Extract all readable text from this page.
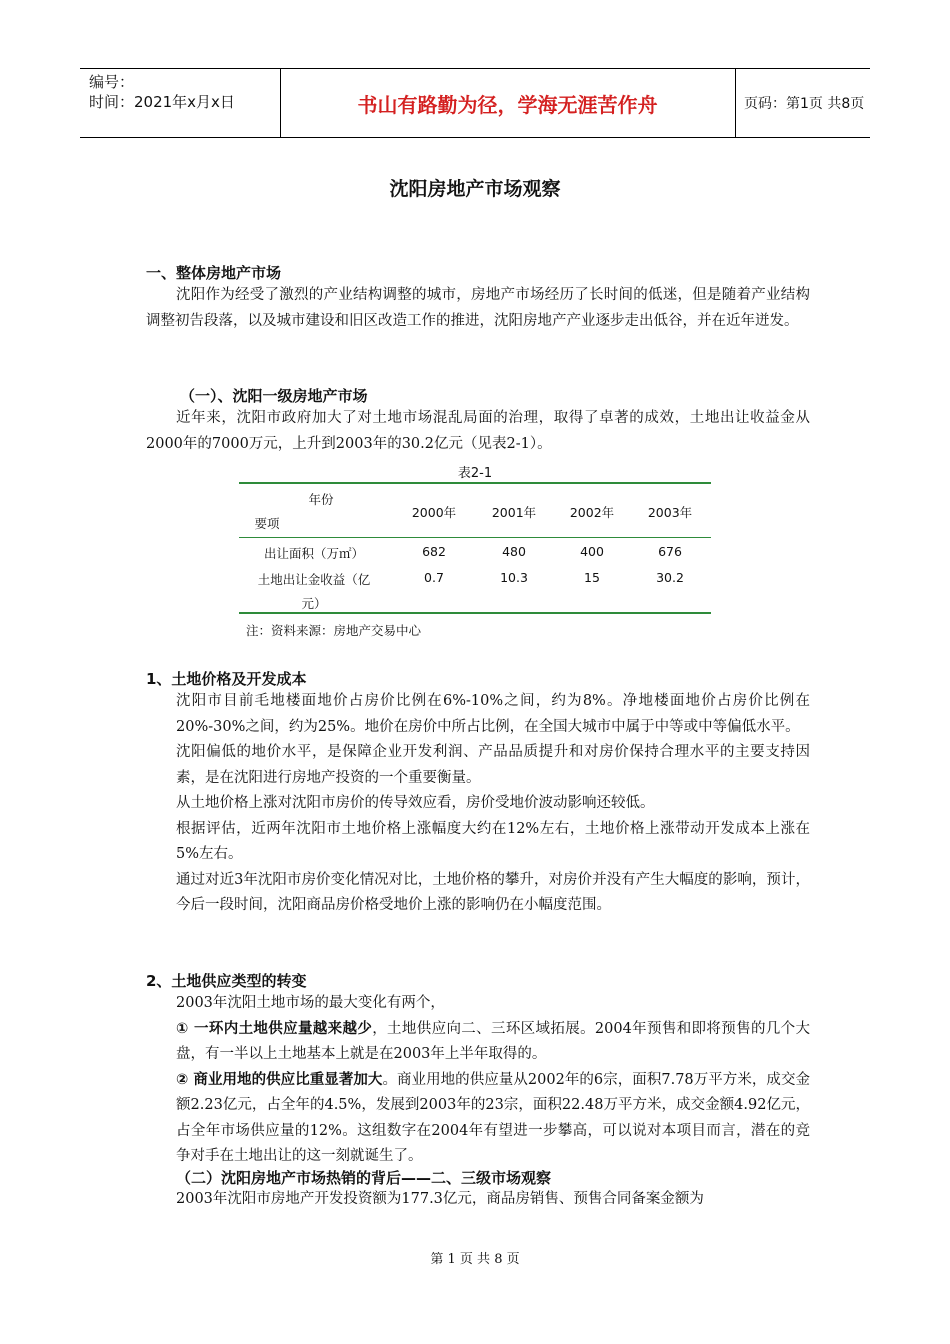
编号：
时间：2021年x月x日	书山有路勤为径，学海无涯苦作舟	页码：第1页 共8页
沈阳房地产市场观察
一、整体房地产市场
沈阳作为经受了激烈的产业结构调整的城市，房地产市场经历了长时间的低迷，但是随着产业结构调整初告段落，以及城市建设和旧区改造工作的推进，沈阳房地产产业逐步走出低谷，并在近年迸发。
（一）、沈阳一级房地产市场
近年来，沈阳市政府加大了对土地市场混乱局面的治理，取得了卓著的成效，土地出让收益金从2000年的7000万元，上升到2003年的30.2亿元（见表2-1）。
表2-1
年份
要项
2000年	2001年	2002年	2003年
出让面积（万㎡）	682	480	400	676
土地出让金收益（亿
元）
0.7	10.3	15	30.2
注：资料来源：房地产交易中心
1、土地价格及开发成本
沈阳市目前毛地楼面地价占房价比例在6%-10%之间，约为8%。净地楼面地价占房价比例在20%-30%之间，约为25%。地价在房价中所占比例，在全国大城市中属于中等或中等偏低水平。
沈阳偏低的地价水平，是保障企业开发利润、产品品质提升和对房价保持合理水平的主要支持因素，是在沈阳进行房地产投资的一个重要衡量。
从土地价格上涨对沈阳市房价的传导效应看，房价受地价波动影响还较低。
根据评估，近两年沈阳市土地价格上涨幅度大约在12%左右，土地价格上涨带动开发成本上涨在5%左右。
通过对近3年沈阳市房价变化情况对比，土地价格的攀升，对房价并没有产生大幅度的影响，预计，今后一段时间，沈阳商品房价格受地价上涨的影响仍在小幅度范围。
2、土地供应类型的转变
2003年沈阳土地市场的最大变化有两个，
① 一环内土地供应量越来越少，土地供应向二、三环区域拓展。2004年预售和即将预售的几个大盘，有一半以上土地基本上就是在2003年上半年取得的。
② 商业用地的供应比重显著加大。商业用地的供应量从2002年的6宗，面积7.78万平方米，成交金额2.23亿元，占全年的4.5%，发展到2003年的23宗，面积22.48万平方米，成交金额4.92亿元，占全年市场供应量的12%。这组数字在2004年有望进一步攀高，可以说对本项目而言，潜在的竞争对手在土地出让的这一刻就诞生了。
（二）沈阳房地产市场热销的背后——二、三级市场观察
2003年沈阳市房地产开发投资额为177.3亿元，商品房销售、预售合同备案金额为
第 1 页 共 8 页
